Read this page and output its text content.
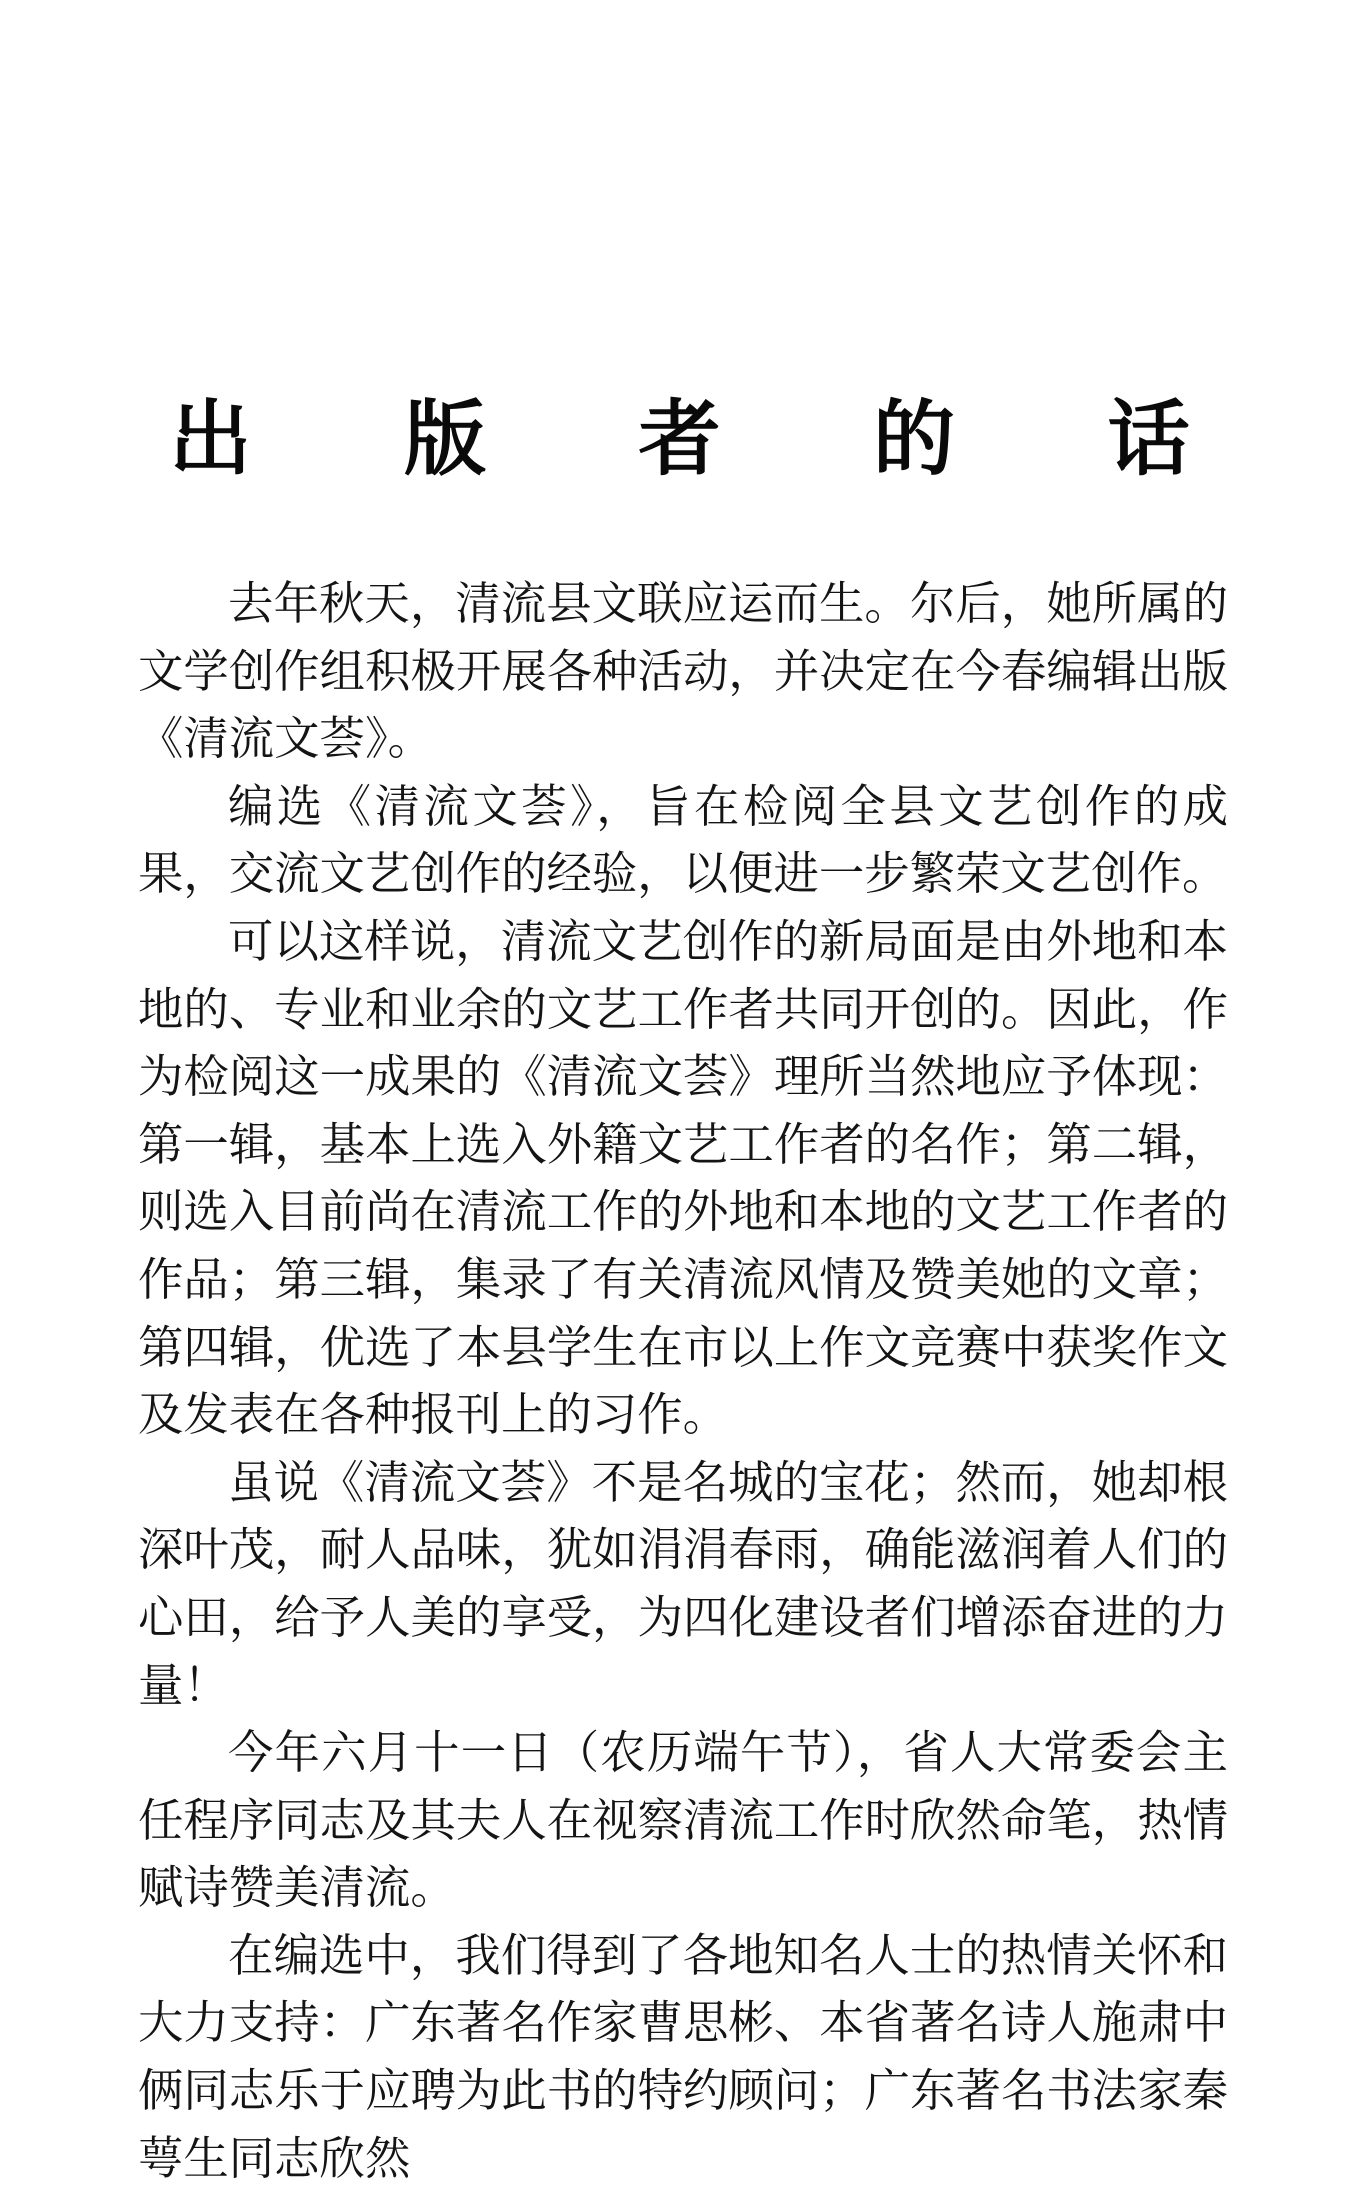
出 版 者 的 话

去年秋天，清流县文联应运而生。尔后，她所属的文学创作组积极开展各种活动，并决定在今春编辑出版《清流文荟》。

编选《清流文荟》，旨在检阅全县文艺创作的成果，交流文艺创作的经验，以便进一步繁荣文艺创作。

可以这样说，清流文艺创作的新局面是由外地和本地的、专业和业余的文艺工作者共同开创的。因此，作为检阅这一成果的《清流文荟》理所当然地应予体现：第一辑，基本上选入外籍文艺工作者的名作；第二辑，则选入目前尚在清流工作的外地和本地的文艺工作者的作品；第三辑，集录了有关清流风情及赞美她的文章；第四辑，优选了本县学生在市以上作文竞赛中获奖作文及发表在各种报刊上的习作。

虽说《清流文荟》不是名城的宝花；然而，她却根深叶茂，耐人品味，犹如涓涓春雨，确能滋润着人们的心田，给予人美的享受，为四化建设者们增添奋进的力量！

今年六月十一日（农历端午节），省人大常委会主任程序同志及其夫人在视察清流工作时欣然命笔，热情赋诗赞美清流。

在编选中，我们得到了各地知名人士的热情关怀和大力支持：广东著名作家曹思彬、本省著名诗人施肃中俩同志乐于应聘为此书的特约顾问；广东著名书法家秦萼生同志欣然
